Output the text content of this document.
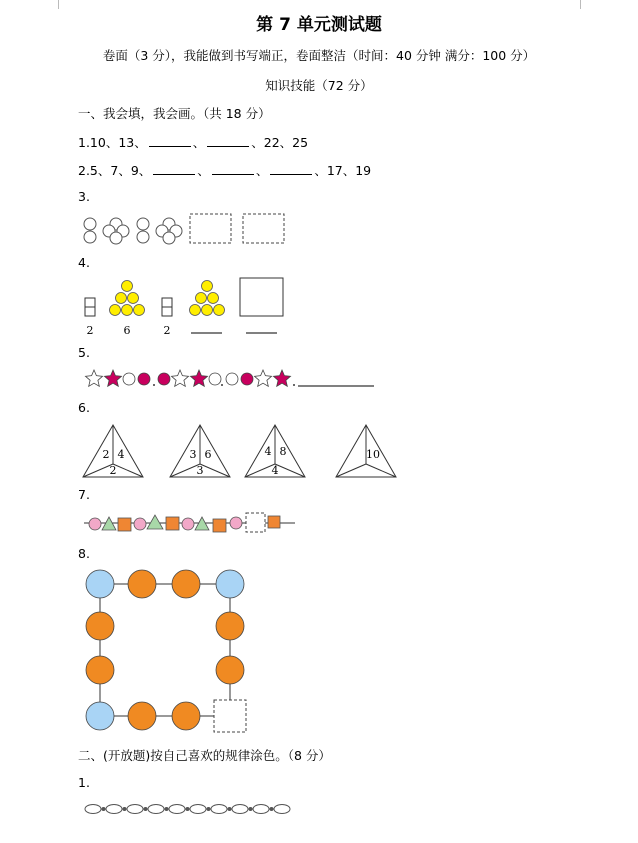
第 7 单元测试题
卷面（3 分），我能做到书写端正，卷面整洁（时间：40 分钟 满分：100 分）
知识技能（72 分）
一、我会填，我会画。（共 18 分）
1.10、13、	、	、22、25
2.5、7、9、	、	、	、17、19
3.
4.
2	6	2
5.
6.
2 4
2
3 6
3
4 8
4
10
7.
8.
二、(开放题)按自己喜欢的规律涂色。（8 分）
1.
